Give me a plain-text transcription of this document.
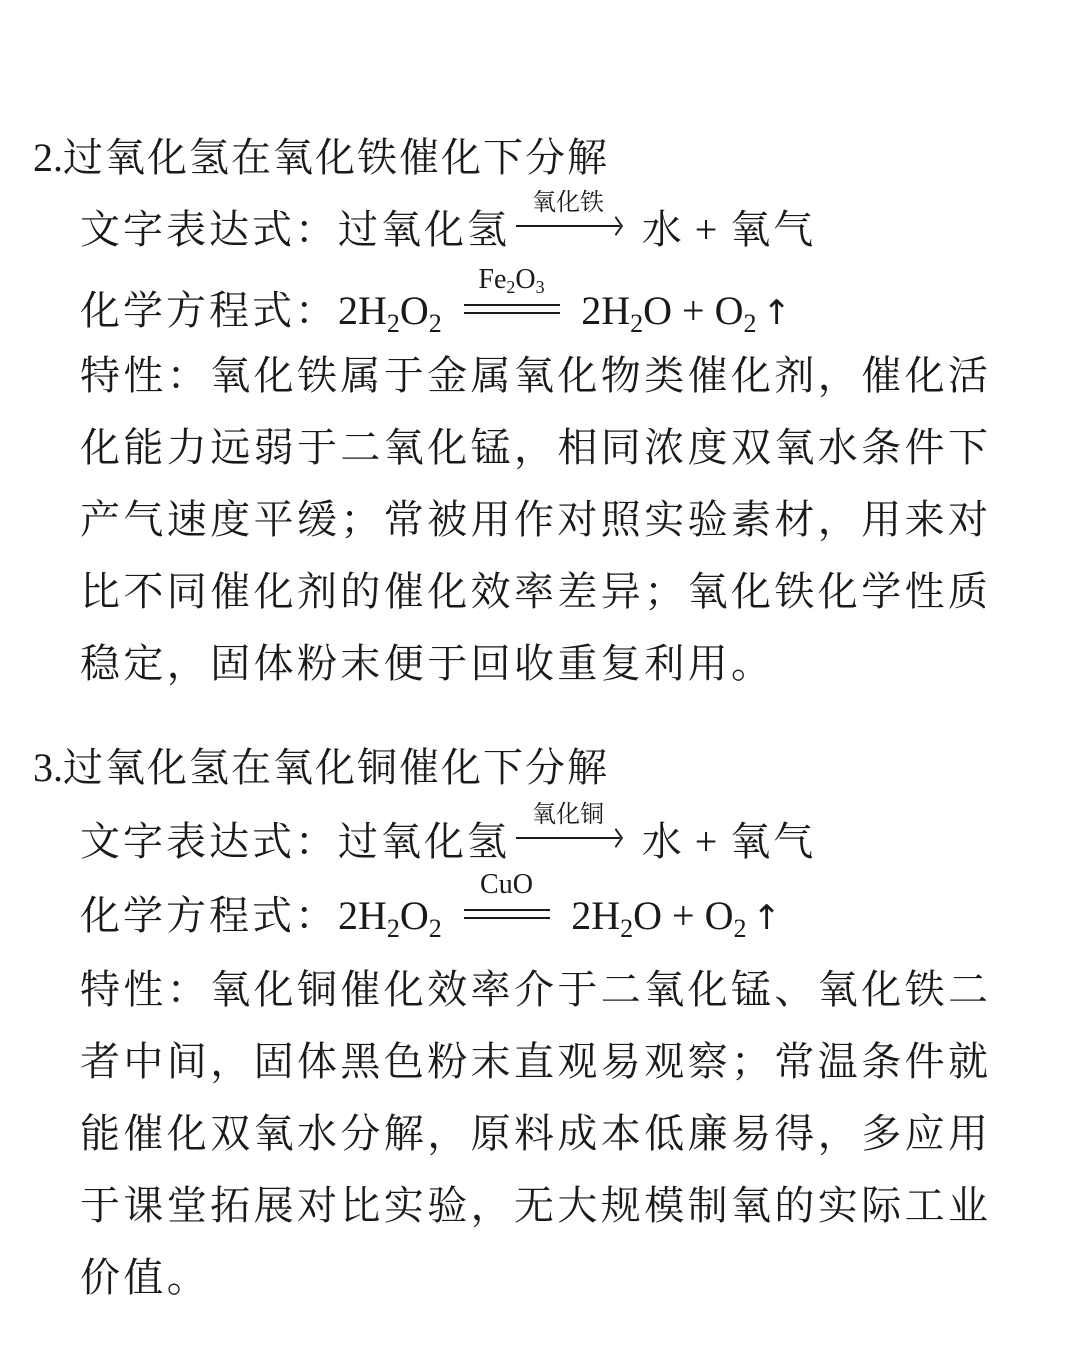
2.过氧化氢在氧化铁催化下分解
文字表达式：过氧化氢
氧化铁
水 + 氧气
化学方程式：$2H_2O_2$
$Fe_2O_3$
$2H_2O + O_2$ ↑
特性：氧化铁属于金属氧化物类催化剂，催化活
化能力远弱于二氧化锰，相同浓度双氧水条件下
产气速度平缓；常被用作对照实验素材，用来对
比不同催化剂的催化效率差异；氧化铁化学性质
稳定，固体粉末便于回收重复利用。
3.过氧化氢在氧化铜催化下分解
文字表达式：过氧化氢
氧化铜
水 + 氧气
化学方程式：$2H_2O_2$
CuO
$2H_2O + O_2$ ↑
特性：氧化铜催化效率介于二氧化锰、氧化铁二
者中间，固体黑色粉末直观易观察；常温条件就
能催化双氧水分解，原料成本低廉易得，多应用
于课堂拓展对比实验，无大规模制氧的实际工业
价值。
